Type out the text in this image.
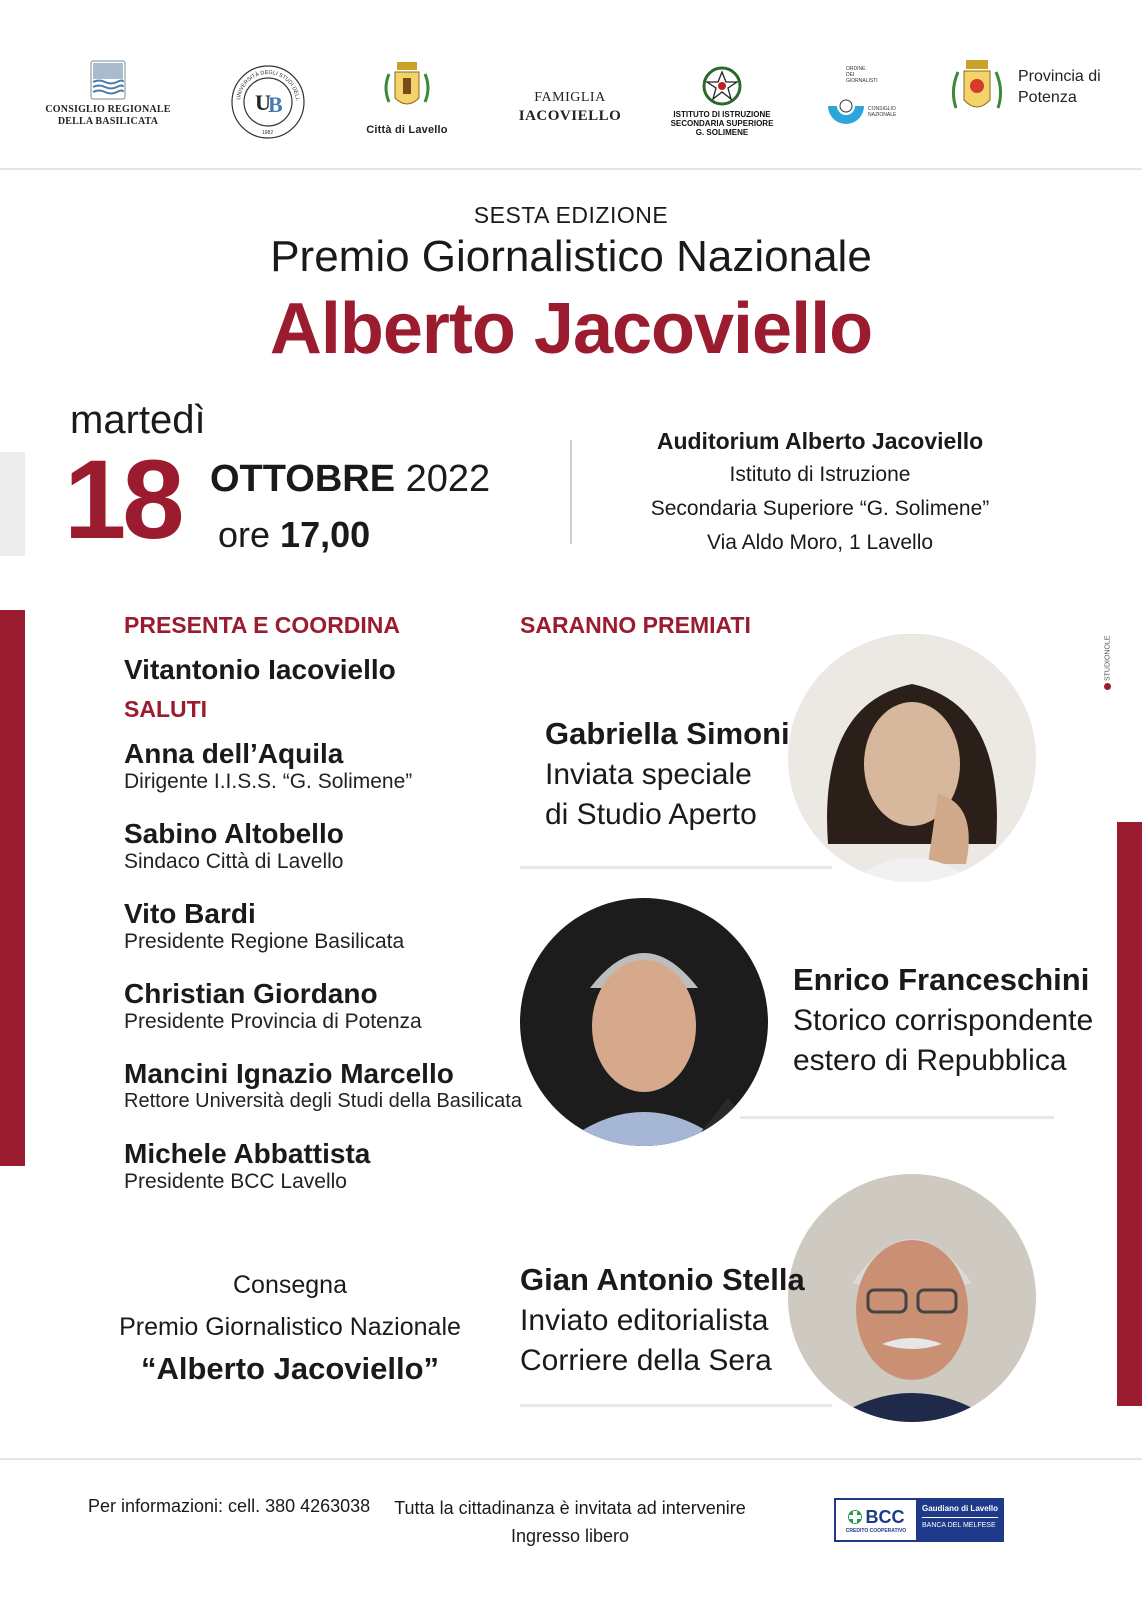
CONSIGLIO REGIONALE
DELLA BASILICATA
U
B
UNIVERSITÀ DEGLI STUDI DELL
1982	Città di Lavello
FAMIGLIA
IACOVIELLO	ISTITUTO DI ISTRUZIONE
SECONDARIA SUPERIORE
G. SOLIMENE
ORDINE
DEI
GIORNALISTI
CONSIGLIO
NAZIONALE
Provincia di
Potenza
SESTA EDIZIONE
Premio Giornalistico Nazionale
Alberto Jacoviello
martedì
18 OTTOBRE 2022
ore 17,00
Auditorium Alberto Jacoviello
Istituto di Istruzione
Secondaria Superiore “G. Solimene”
Via Aldo Moro, 1 Lavello
STUDIONOLE
PRESENTA E COORDINA
Vitantonio Iacoviello
SALUTI
Anna dell’Aquila
Dirigente I.I.S.S. “G. Solimene”
Sabino Altobello
Sindaco Città di Lavello
Vito Bardi
Presidente Regione Basilicata
Christian Giordano
Presidente Provincia di Potenza
Mancini Ignazio Marcello
Rettore Università degli Studi della Basilicata
Michele Abbattista
Presidente BCC Lavello
Consegna
Premio Giornalistico Nazionale
“Alberto Jacoviello”
SARANNO PREMIATI
Gabriella Simoni
Inviata speciale
di Studio Aperto
Enrico Franceschini
Storico corrispondente
estero di Repubblica
Gian Antonio Stella
Inviato editorialista
Corriere della Sera
Per informazioni: cell. 380 4263038 Tutta la cittadinanza è invitata ad intervenire
Ingresso libero
BCC
CREDITO COOPERATIVO
Gaudiano di Lavello
BANCA DEL MELFESE
